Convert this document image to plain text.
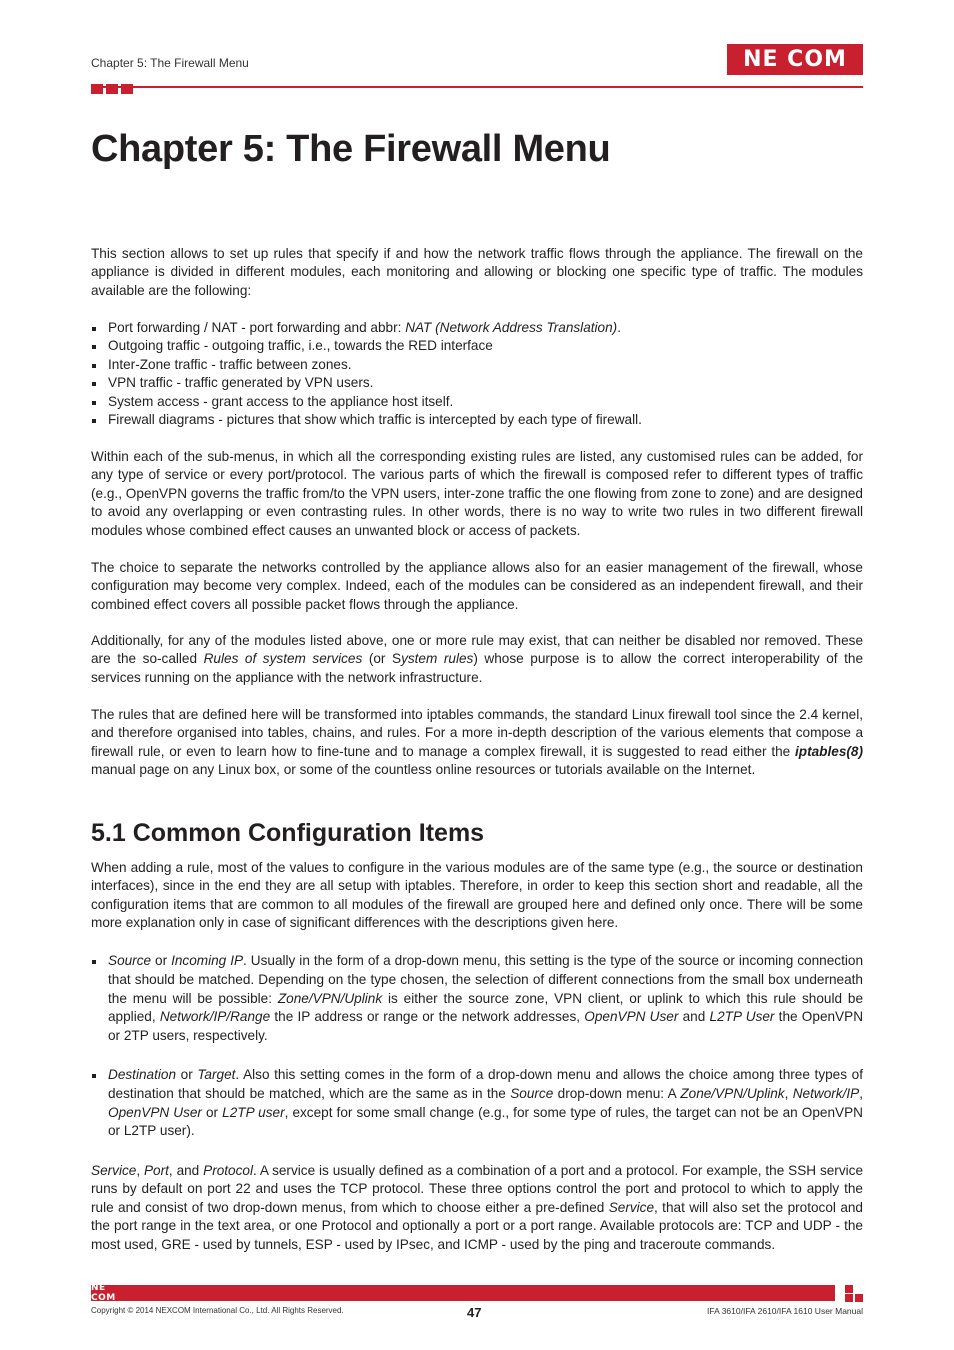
Chapter 5: The Firewall Menu	NE COM
Chapter 5: The Firewall Menu

This section allows to set up rules that specify if and how the network traffic flows through the appliance. The firewall on the appliance is divided in different modules, each monitoring and allowing or blocking one specific type of traffic. The modules available are the following:

Port forwarding / NAT - port forwarding and abbr: NAT (Network Address Translation).
Outgoing traffic - outgoing traffic, i.e., towards the RED interface
Inter-Zone traffic - traffic between zones.
VPN traffic - traffic generated by VPN users.
System access - grant access to the appliance host itself.
Firewall diagrams - pictures that show which traffic is intercepted by each type of firewall.

Within each of the sub-menus, in which all the corresponding existing rules are listed, any customised rules can be added, for any type of service or every port/protocol. The various parts of which the firewall is composed refer to different types of traffic (e.g., OpenVPN governs the traffic from/to the VPN users, inter-zone traffic the one flowing from zone to zone) and are designed to avoid any overlapping or even contrasting rules. In other words, there is no way to write two rules in two different firewall modules whose combined effect causes an unwanted block or access of packets.

The choice to separate the networks controlled by the appliance allows also for an easier management of the firewall, whose configuration may become very complex. Indeed, each of the modules can be considered as an independent firewall, and their combined effect covers all possible packet flows through the appliance.

Additionally, for any of the modules listed above, one or more rule may exist, that can neither be disabled nor removed. These are the so-called Rules of system services (or System rules) whose purpose is to allow the correct interoperability of the services running on the appliance with the network infrastructure.

The rules that are defined here will be transformed into iptables commands, the standard Linux firewall tool since the 2.4 kernel, and therefore organised into tables, chains, and rules. For a more in-depth description of the various elements that compose a firewall rule, or even to learn how to fine-tune and to manage a complex firewall, it is suggested to read either the iptables(8) manual page on any Linux box, or some of the countless online resources or tutorials available on the Internet.

5.1 Common Configuration Items

When adding a rule, most of the values to configure in the various modules are of the same type (e.g., the source or destination interfaces), since in the end they are all setup with iptables. Therefore, in order to keep this section short and readable, all the configuration items that are common to all modules of the firewall are grouped here and defined only once. There will be some more explanation only in case of significant differences with the descriptions given here.

Source or Incoming IP. Usually in the form of a drop-down menu, this setting is the type of the source or incoming connection that should be matched. Depending on the type chosen, the selection of different connections from the small box underneath the menu will be possible: Zone/VPN/Uplink is either the source zone, VPN client, or uplink to which this rule should be applied, Network/IP/Range the IP address or range or the network addresses, OpenVPN User and L2TP User the OpenVPN or 2TP users, respectively.

Destination or Target. Also this setting comes in the form of a drop-down menu and allows the choice among three types of destination that should be matched, which are the same as in the Source drop-down menu: A Zone/VPN/Uplink, Network/IP, OpenVPN User or L2TP user, except for some small change (e.g., for some type of rules, the target can not be an OpenVPN or L2TP user).

Service, Port, and Protocol. A service is usually defined as a combination of a port and a protocol. For example, the SSH service runs by default on port 22 and uses the TCP protocol. These three options control the port and protocol to which to apply the rule and consist of two drop-down menus, from which to choose either a pre-defined Service, that will also set the protocol and the port range in the text area, or one Protocol and optionally a port or a port range. Available protocols are: TCP and UDP - the most used, GRE - used by tunnels, ESP - used by IPsec, and ICMP - used by the ping and traceroute commands.

NE COM
Copyright © 2014 NEXCOM International Co., Ltd. All Rights Reserved.	47	IFA 3610/IFA 2610/IFA 1610 User Manual
